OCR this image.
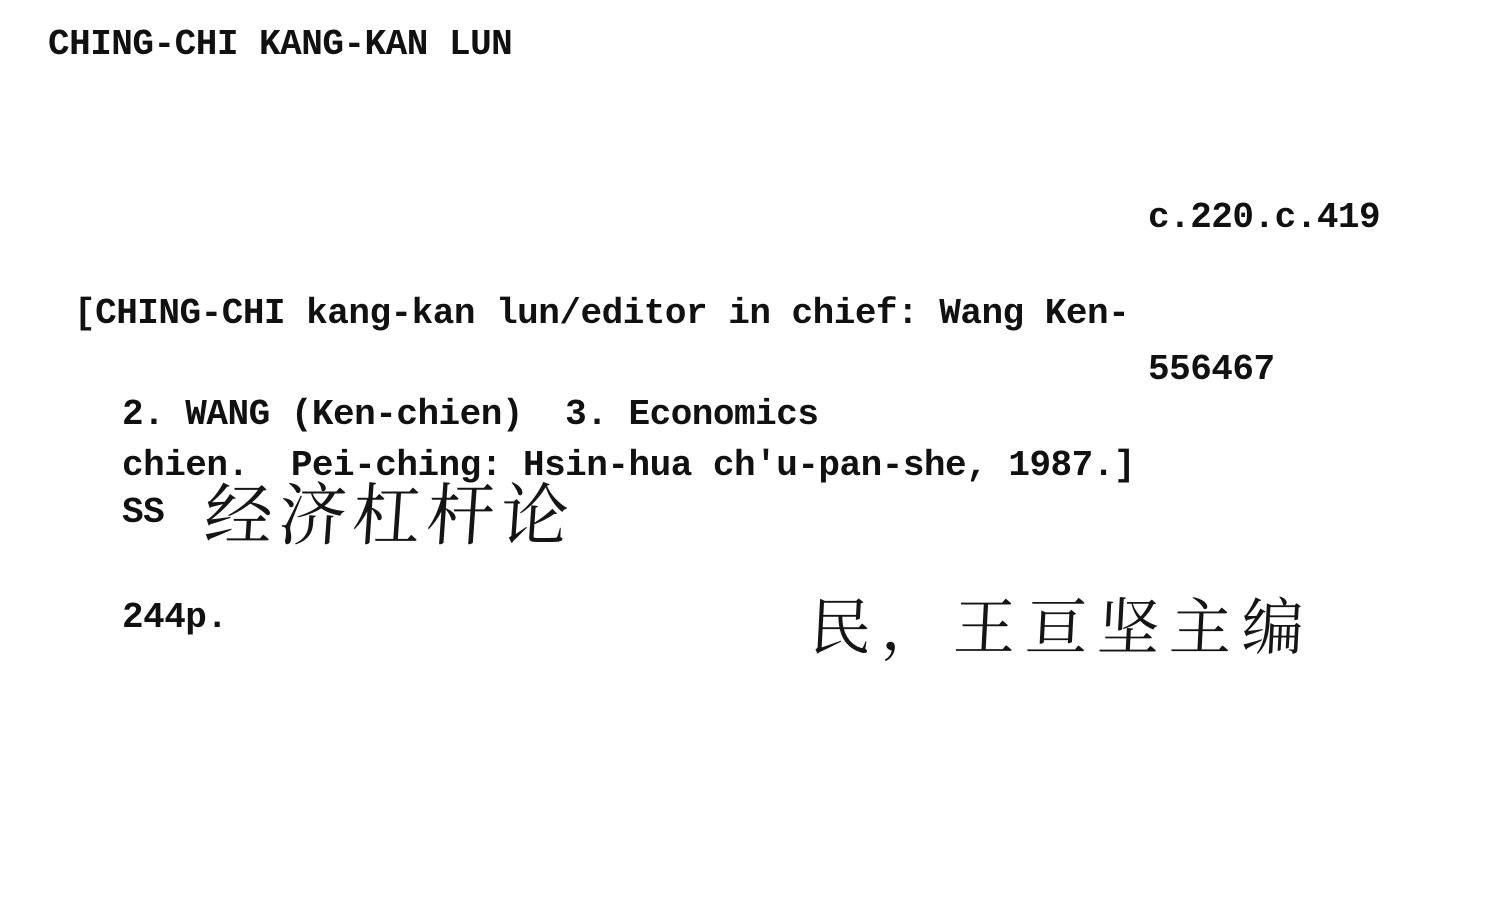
CHING-CHI KANG-KAN LUN

c.220.c.419

556467

[CHING-CHI kang-kan lun/editor in chief: Wang Ken-

chien.  Pei-ching: Hsin-hua ch'u-pan-she, 1987.]

244p.

2. WANG (Ken-chien)  3. Economics
SS 经济杠杆论
民，王亘坚主编
